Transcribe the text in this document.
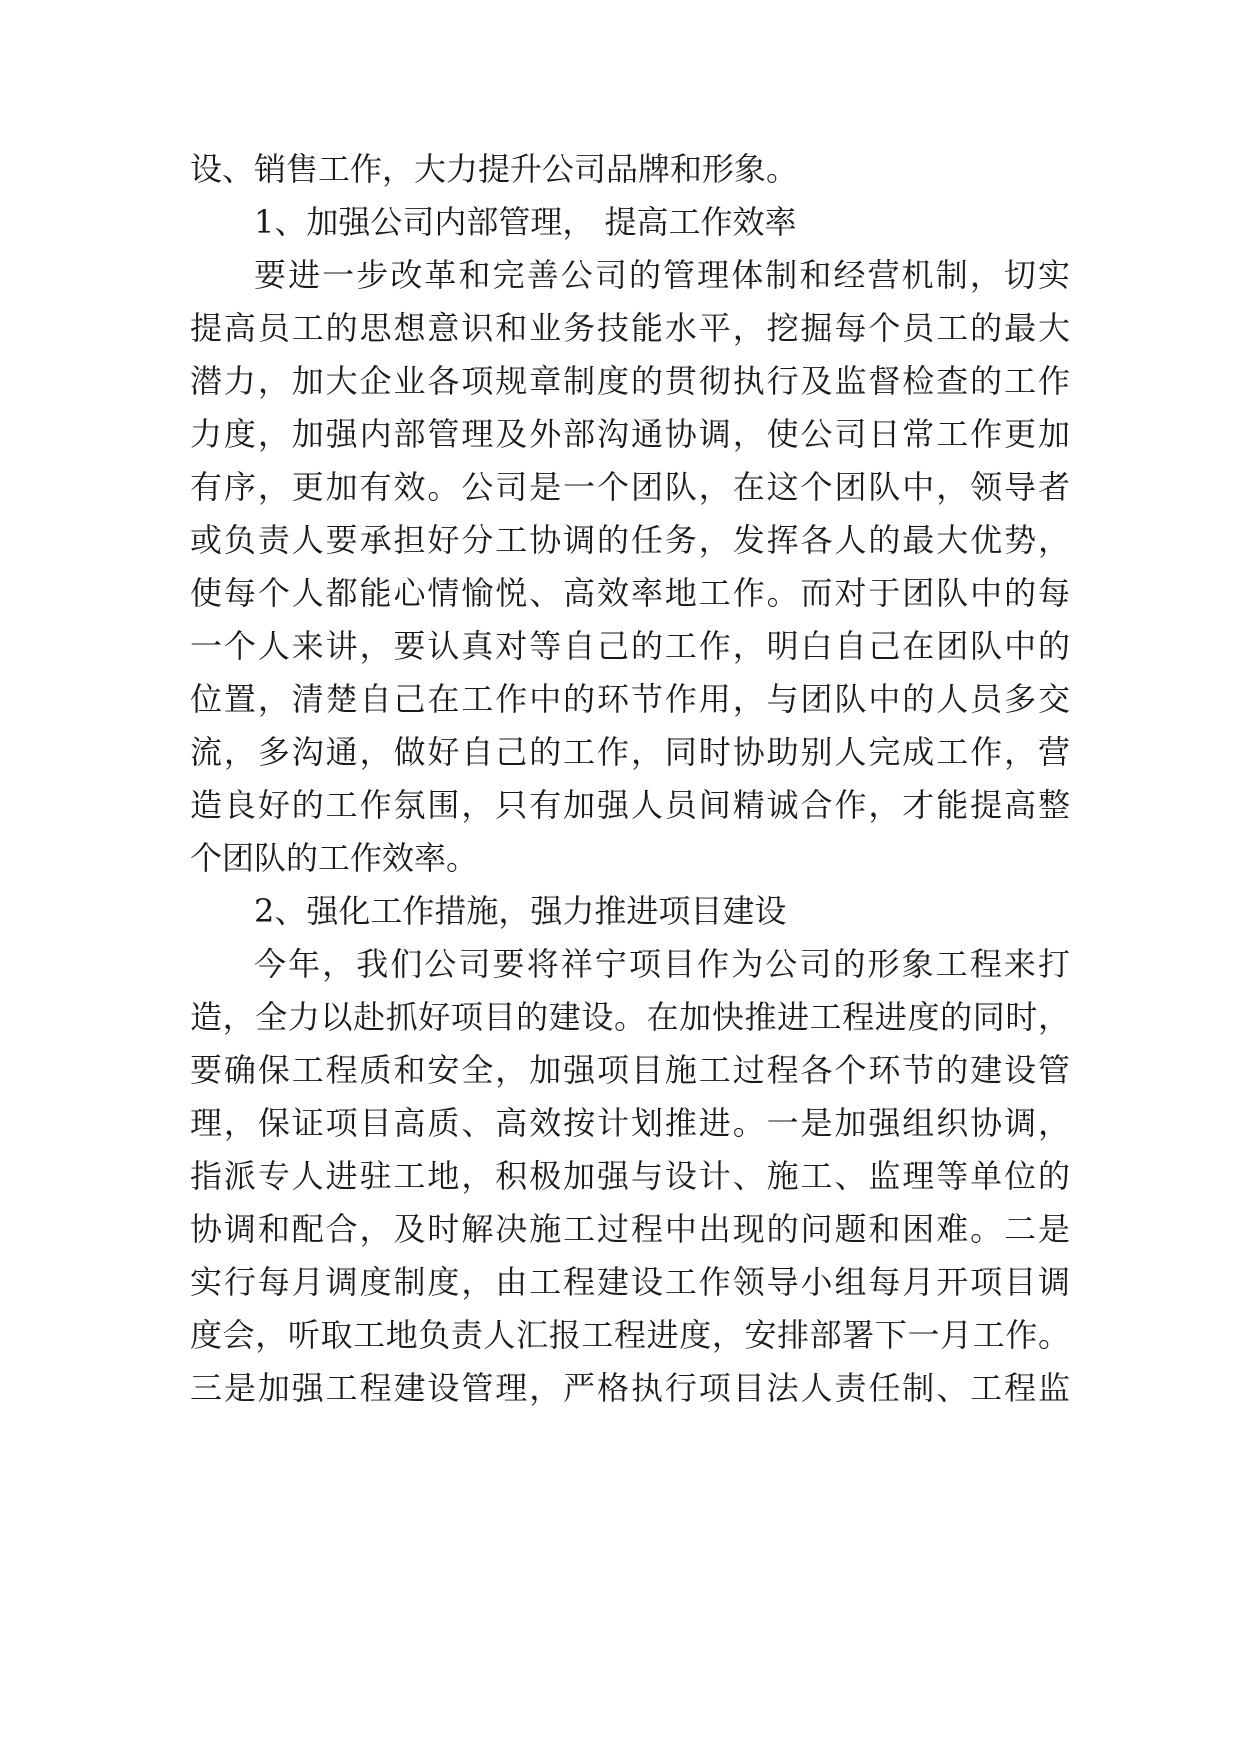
设、销售工作，大力提升公司品牌和形象。
1、加强公司内部管理， 提高工作效率
要进一步改革和完善公司的管理体制和经营机制，切实
提高员工的思想意识和业务技能水平，挖掘每个员工的最大
潜力，加大企业各项规章制度的贯彻执行及监督检查的工作
力度，加强内部管理及外部沟通协调，使公司日常工作更加
有序，更加有效。公司是一个团队，在这个团队中，领导者
或负责人要承担好分工协调的任务，发挥各人的最大优势，
使每个人都能心情愉悦、高效率地工作。而对于团队中的每
一个人来讲，要认真对等自己的工作，明白自己在团队中的
位置，清楚自己在工作中的环节作用，与团队中的人员多交
流，多沟通，做好自己的工作，同时协助别人完成工作，营
造良好的工作氛围，只有加强人员间精诚合作，才能提高整
个团队的工作效率。
2、强化工作措施，强力推进项目建设
今年，我们公司要将祥宁项目作为公司的形象工程来打
造，全力以赴抓好项目的建设。在加快推进工程进度的同时，
要确保工程质和安全，加强项目施工过程各个环节的建设管
理，保证项目高质、高效按计划推进。一是加强组织协调，
指派专人进驻工地，积极加强与设计、施工、监理等单位的
协调和配合，及时解决施工过程中出现的问题和困难。二是
实行每月调度制度，由工程建设工作领导小组每月开项目调
度会，听取工地负责人汇报工程进度，安排部署下一月工作。
三是加强工程建设管理，严格执行项目法人责任制、工程监
